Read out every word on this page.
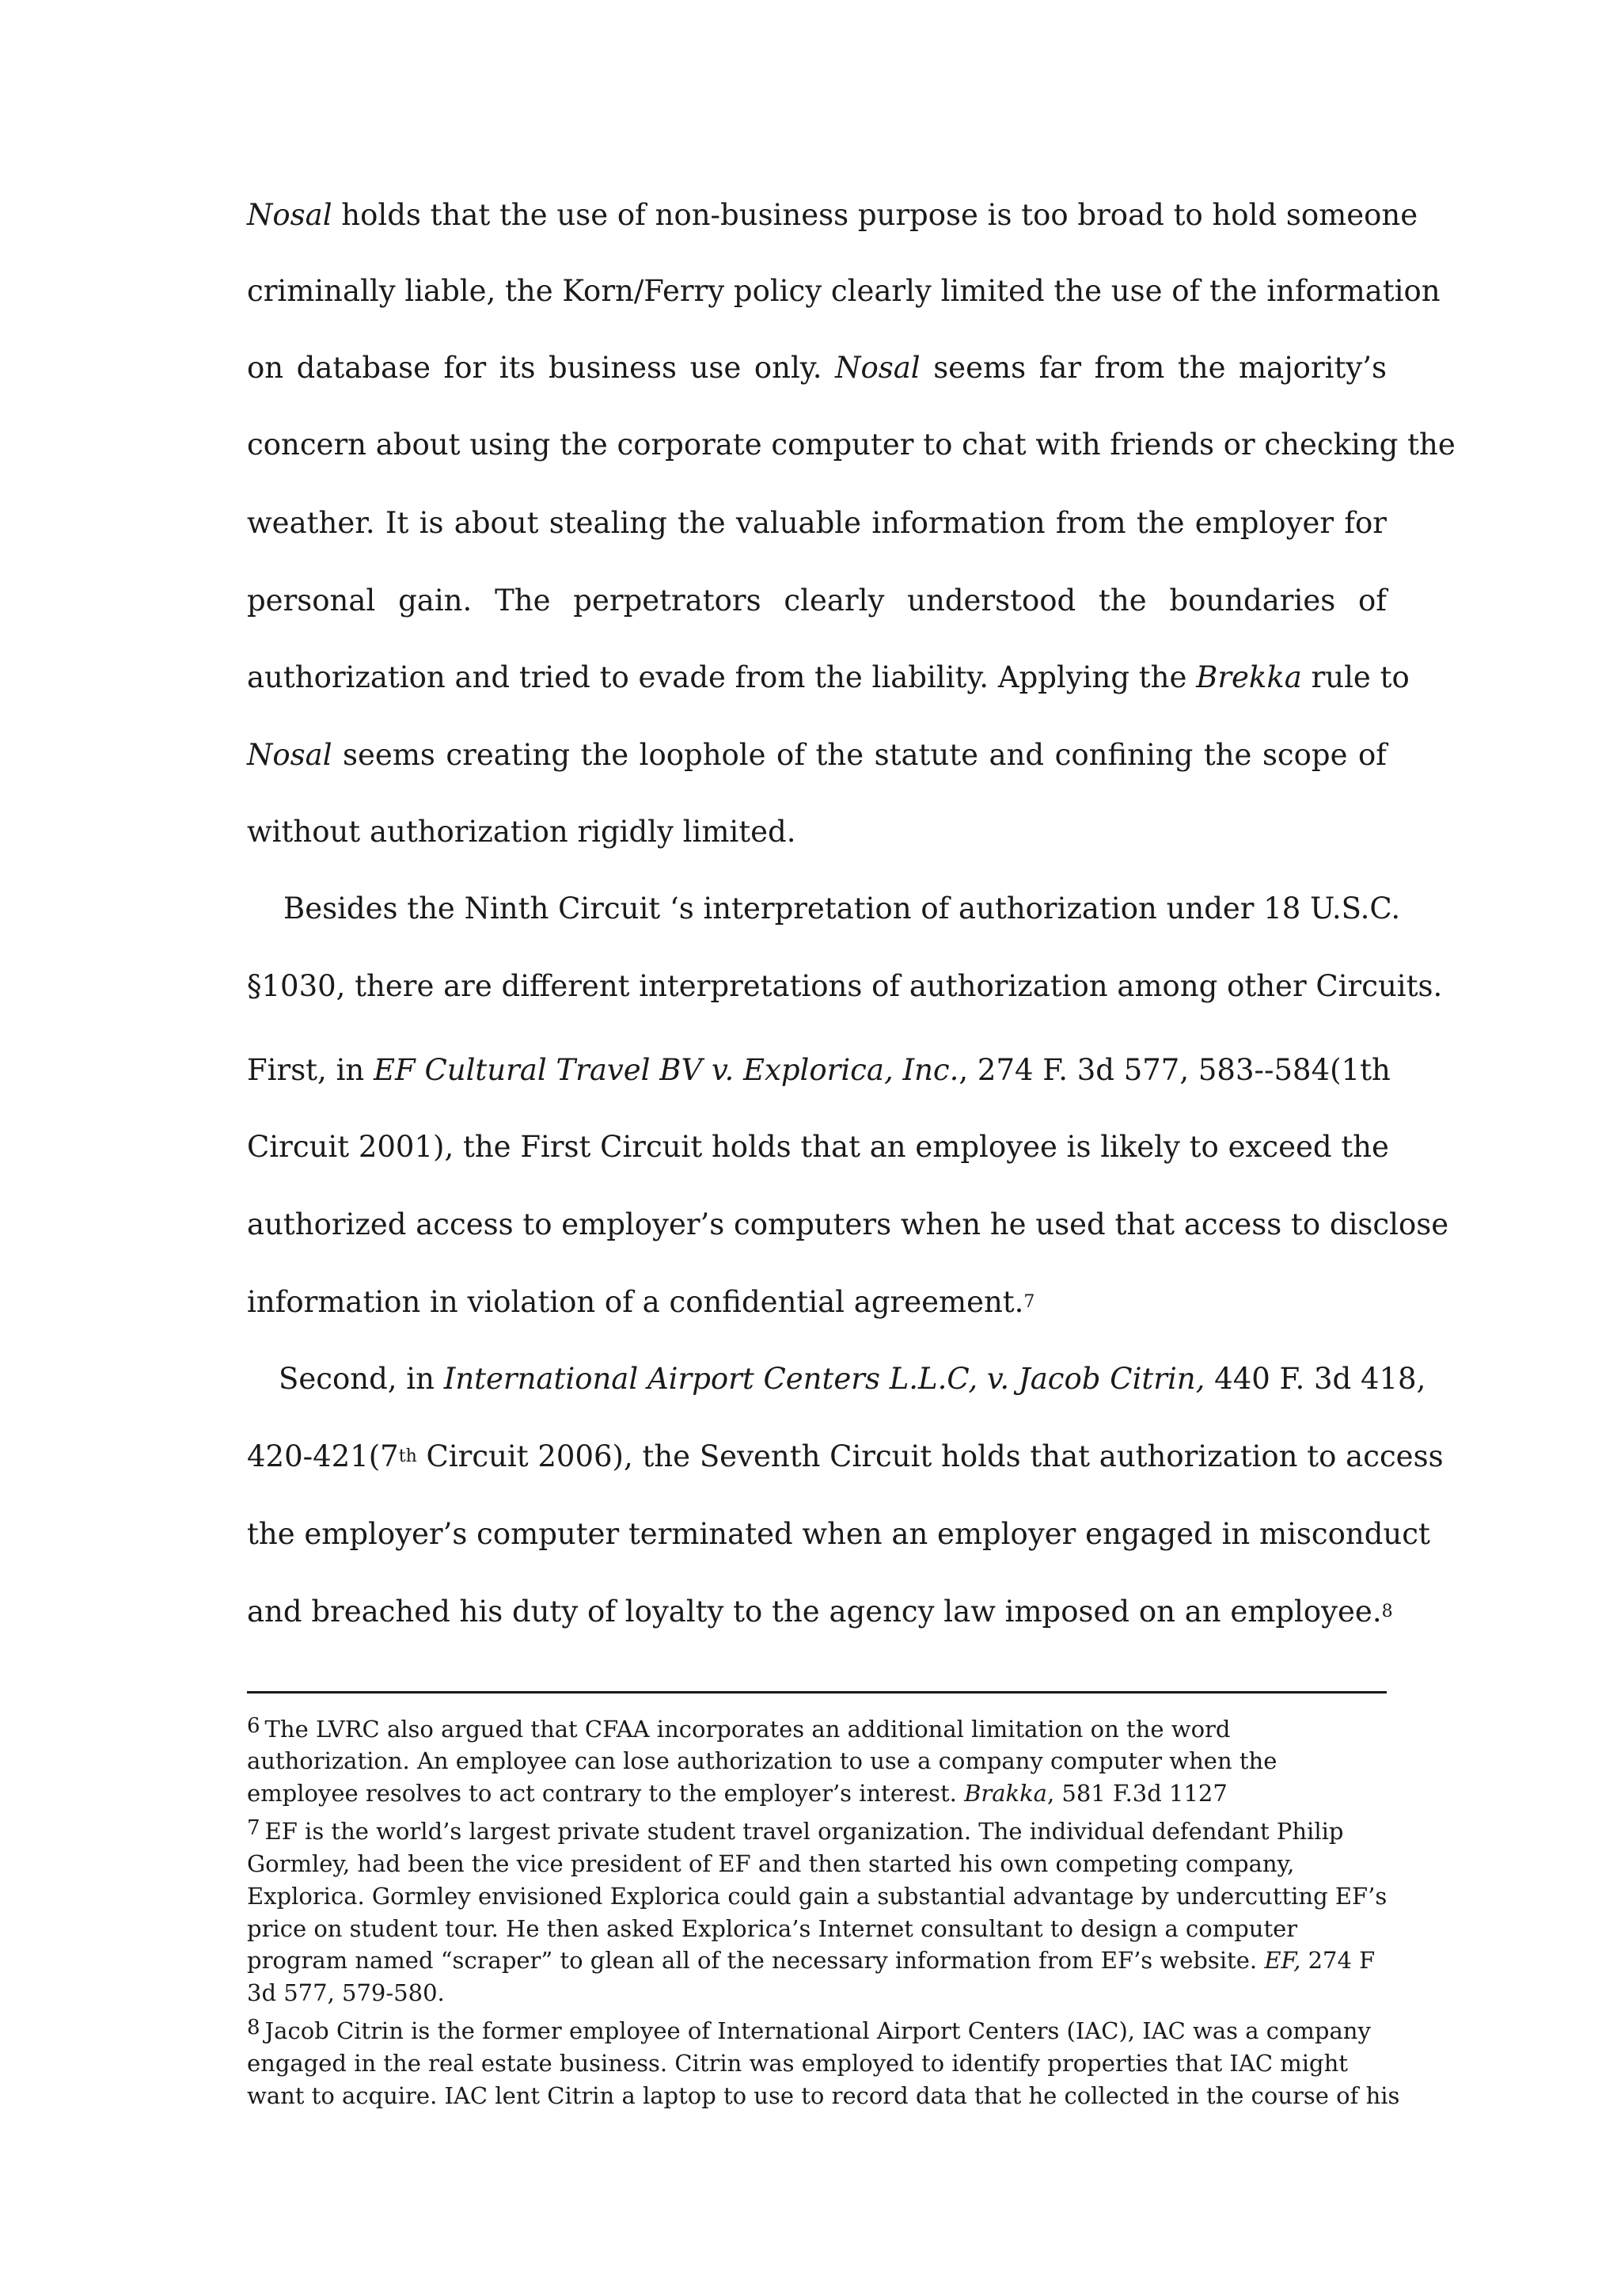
Nosal holds that the use of non-business purpose is too broad to hold someone
criminally liable, the Korn/Ferry policy clearly limited the use of the information
on database for its business use only. Nosal seems far from the majority’s
concern about using the corporate computer to chat with friends or checking the
weather. It is about stealing the valuable information from the employer for
personal gain. The perpetrators clearly understood the boundaries of
authorization and tried to evade from the liability. Applying the Brekka rule to
Nosal seems creating the loophole of the statute and confining the scope of
without authorization rigidly limited.
Besides the Ninth Circuit ‘s interpretation of authorization under 18 U.S.C.
§1030, there are different interpretations of authorization among other Circuits.
First, in EF Cultural Travel BV v. Explorica, Inc., 274 F. 3d 577, 583--584(1th
Circuit 2001), the First Circuit holds that an employee is likely to exceed the
authorized access to employer’s computers when he used that access to disclose
information in violation of a confidential agreement.$^7$
Second, in International Airport Centers L.L.C, v. Jacob Citrin, 440 F. 3d 418,
420-421(7th Circuit 2006), the Seventh Circuit holds that authorization to access
the employer’s computer terminated when an employer engaged in misconduct
and breached his duty of loyalty to the agency law imposed on an employee.$^8$
6 The LVRC also argued that CFAA incorporates an additional limitation on the word
authorization. An employee can lose authorization to use a company computer when the
employee resolves to act contrary to the employer’s interest. Brakka, 581 F.3d 1127
7 EF is the world’s largest private student travel organization. The individual defendant Philip
Gormley, had been the vice president of EF and then started his own competing company,
Explorica. Gormley envisioned Explorica could gain a substantial advantage by undercutting EF’s
price on student tour. He then asked Explorica’s Internet consultant to design a computer
program named “scraper” to glean all of the necessary information from EF’s website. EF, 274 F
3d 577, 579-580.
8 Jacob Citrin is the former employee of International Airport Centers (IAC), IAC was a company
engaged in the real estate business. Citrin was employed to identify properties that IAC might
want to acquire. IAC lent Citrin a laptop to use to record data that he collected in the course of his
